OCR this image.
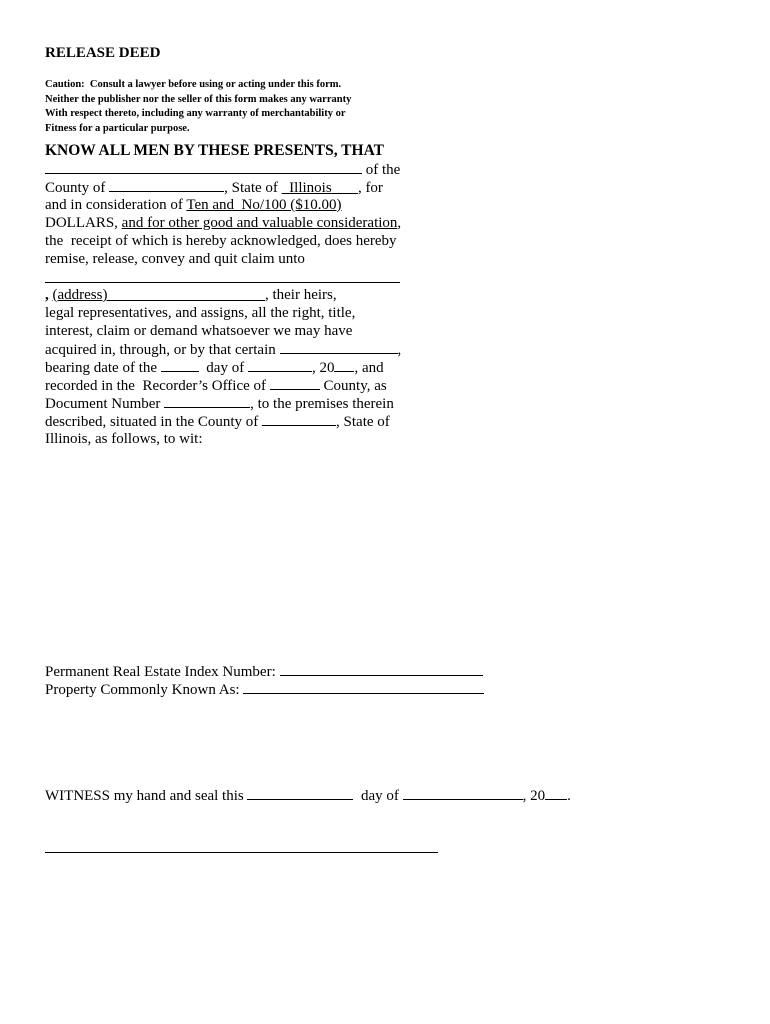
RELEASE DEED
Caution:  Consult a lawyer before using or acting under this form.
Neither the publisher nor the seller of this form makes any warranty
With respect thereto, including any warranty of merchantability or
Fitness for a particular purpose.
KNOW ALL MEN BY THESE PRESENTS, THAT
of the
County of	, State of Illinois , for
and in consideration of Ten and  No/100 ($10.00)
DOLLARS, and for other good and valuable consideration,
the  receipt of which is hereby acknowledged, does hereby
remise, release, convey and quit claim unto
, (address)	, their heirs,
legal representatives, and assigns, all the right, title,
interest, claim or demand whatsoever we may have
acquired in, through, or by that certain	,
bearing date of the	day of	, 20 , and
recorded in the  Recorder’s Office of	County, as
Document Number	, to the premises therein
described, situated in the County of	, State of
Illinois, as follows, to wit:
Permanent Real Estate Index Number:
Property Commonly Known As:
WITNESS my hand and seal this	day of	, 20 .
